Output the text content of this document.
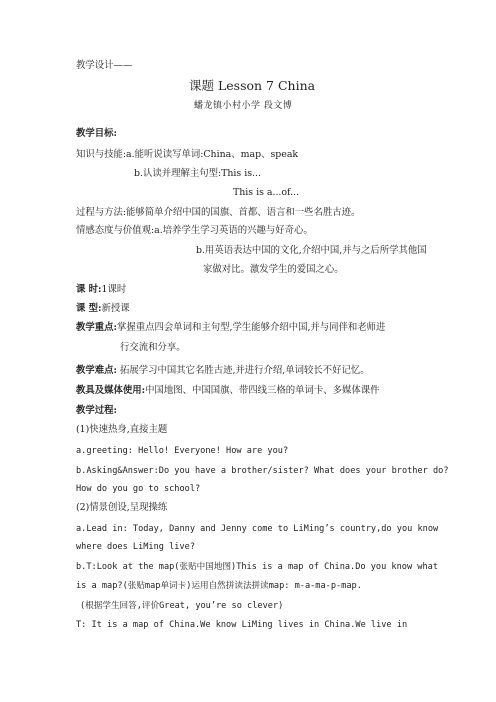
教学设计——
课题 Lesson 7 China
蟠龙镇小村小学 段文博
教学目标:
知识与技能:a.能听说读写单词:China、map、speak
b.认读并理解主句型:This is...
This is a...of...
过程与方法:能够简单介绍中国的国旗、首都、语言和一些名胜古迹。
情感态度与价值观:a.培养学生学习英语的兴趣与好奇心。
b.用英语表达中国的文化,介绍中国,并与之后所学其他国
家做对比。激发学生的爱国之心。
课 时:1课时
课 型:新授课
教学重点:掌握重点四会单词和主句型,学生能够介绍中国,并与同伴和老师进
行交流和分享。
教学难点: 拓展学习中国其它名胜古迹,并进行介绍,单词较长不好记忆。
教具及媒体使用:中国地图、中国国旗、带四线三格的单词卡、多媒体课件
教学过程:
(1)快速热身,直接主题
a.greeting: Hello! Everyone! How are you?
b.Asking&Answer:Do you have a brother/sister? What does your brother do?
How do you go to school?
(2)情景创设,呈现操练
a.Lead in: Today, Danny and Jenny come to LiMing’s country,do you know
where does LiMing live?
b.T:Look at the map(张贴中国地图)This is a map of China.Do you know what
is a map?(张贴map单词卡)运用自然拼读法拼读map: m-a-ma-p-map.
(根据学生回答,评价Great, you’re so clever)
T: It is a map of China.We know LiMing lives in China.We live in
